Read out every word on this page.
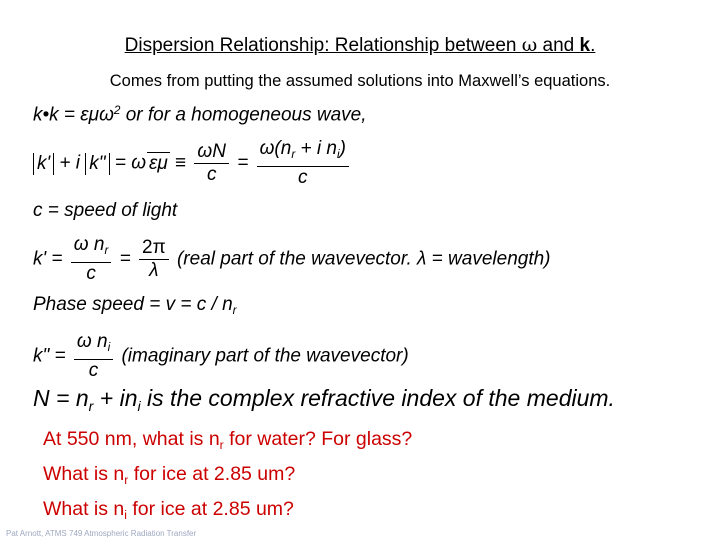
Dispersion Relationship: Relationship between ω and k.
Comes from putting the assumed solutions into Maxwell’s equations.
k•k = εμω$^2$ or for a homogeneous wave,
k' + i k" = ω $\varepsilon\mu \equiv \frac{\omega N}{c} = \frac{\omega(n_r + i n_i)}{c}$
c = speed of light
$k' = \frac{\omega n_r}{c} = \frac{2\pi}{\lambda}$ (real part of the wavevector. λ = wavelength)
Phase speed = $v = c / n_r$
k" = $\frac{\omega n_i}{c}$ (imaginary part of the wavevector)
$N = n_r + in_i$ is the complex refractive index of the medium.
At 550 nm, what is $n_r$ for water? For glass?
What is $n_r$ for ice at 2.85 um?
What is $n_i$ for ice at 2.85 um?
Pat Arnott, ATMS 749 Atmospheric Radiation Transfer
